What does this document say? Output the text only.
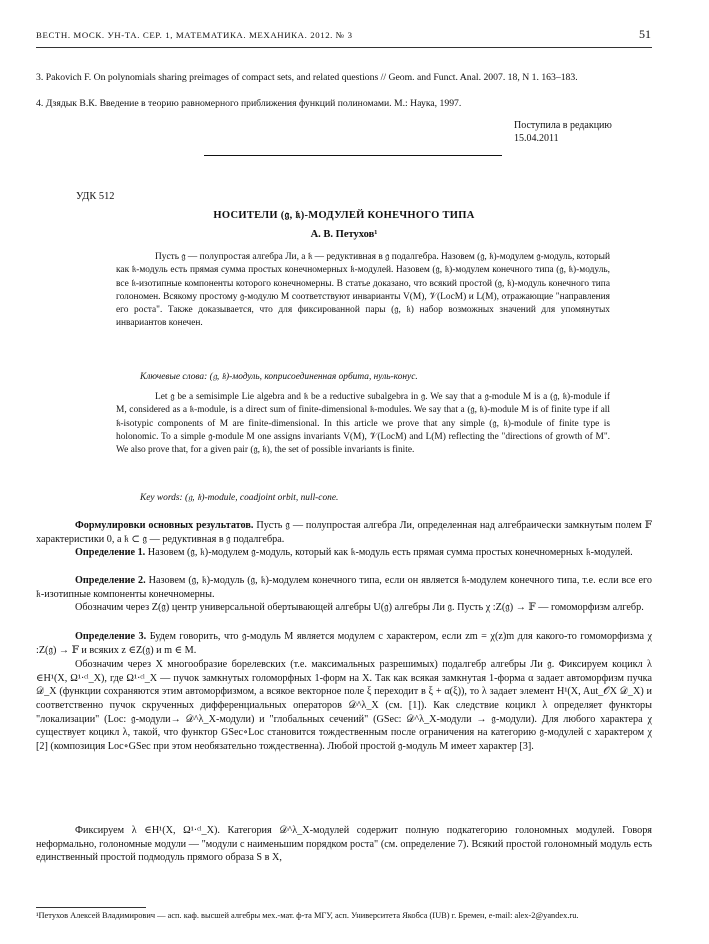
ВЕСТН. МОСК. УН-ТА. СЕР. 1, МАТЕМАТИКА. МЕХАНИКА. 2012. № 3	51
3. Pakovich F. On polynomials sharing preimages of compact sets, and related questions // Geom. and Funct. Anal. 2007. 18, N 1. 163–183.
4. Дзядык В.К. Введение в теорию равномерного приближения функций полиномами. М.: Наука, 1997.
Поступила в редакцию
15.04.2011
УДК 512
НОСИТЕЛИ (𝔤, 𝔨)-МОДУЛЕЙ КОНЕЧНОГО ТИПА
А. В. Петухов¹
Пусть 𝔤 — полупростая алгебра Ли, а 𝔨 — редуктивная в 𝔤 подалгебра. Назовем (𝔤, 𝔨)-модулем 𝔤-модуль, который как 𝔨-модуль есть прямая сумма простых конечномерных 𝔨-модулей. Назовем (𝔤, 𝔨)-модулем конечного типа (𝔤, 𝔨)-модуль, все 𝔨-изотипные компоненты которого конечномерны. В статье доказано, что всякий простой (𝔤, 𝔨)-модуль конечного типа голономен. Всякому простому 𝔤-модулю M соответствуют инварианты V(M), 𝒱(LocM) и L(M), отражающие "направления его роста". Также доказывается, что для фиксированной пары (𝔤, 𝔨) набор возможных значений для упомянутых инвариантов конечен.
Ключевые слова: (𝔤, 𝔨)-модуль, коприсоединенная орбита, нуль-конус.
Let 𝔤 be a semisimple Lie algebra and 𝔨 be a reductive subalgebra in 𝔤. We say that a 𝔤-module M is a (𝔤, 𝔨)-module if M, considered as a 𝔨-module, is a direct sum of finite-dimensional 𝔨-modules. We say that a (𝔤, 𝔨)-module M is of finite type if all 𝔨-isotypic components of M are finite-dimensional. In this article we prove that any simple (𝔤, 𝔨)-module of finite type is holonomic. To a simple 𝔤-module M one assigns invariants V(M), 𝒱(LocM) and L(M) reflecting the "directions of growth of M". We also prove that, for a given pair (𝔤, 𝔨), the set of possible invariants is finite.
Key words: (𝔤, 𝔨)-module, coadjoint orbit, null-cone.
Формулировки основных результатов. Пусть 𝔤 — полупростая алгебра Ли, определенная над алгебраически замкнутым полем 𝔽 характеристики 0, а 𝔨 ⊂ 𝔤 — редуктивная в 𝔤 подалгебра.
Определение 1. Назовем (𝔤, 𝔨)-модулем 𝔤-модуль, который как 𝔨-модуль есть прямая сумма простых конечномерных 𝔨-модулей.
Определение 2. Назовем (𝔤, 𝔨)-модуль (𝔤, 𝔨)-модулем конечного типа, если он является 𝔨-модулем конечного типа, т.е. если все его 𝔨-изотипные компоненты конечномерны.
Обозначим через Z(𝔤) центр универсальной обертывающей алгебры U(𝔤) алгебры Ли 𝔤. Пусть χ :Z(𝔤) → 𝔽 — гомоморфизм алгебр.
Определение 3. Будем говорить, что 𝔤-модуль M является модулем с характером, если zm = χ(z)m для какого-то гомоморфизма χ :Z(𝔤) → 𝔽 и всяких z ∈Z(𝔤) и m ∈ M.
Обозначим через X многообразие борелевских (т.е. максимальных разрешимых) подалгебр алгебры Ли 𝔤. Фиксируем коцикл λ ∈H¹(X, Ω¹·ᶜˡ_X), где Ω¹·ᶜˡ_X — пучок замкнутых голоморфных 1-форм на X. Так как всякая замкнутая 1-форма α задает автоморфизм пучка 𝒟_X (функции сохраняются этим автоморфизмом, а всякое векторное поле ξ переходит в ξ + α(ξ)), то λ задает элемент H¹(X, Aut_𝒪X 𝒟_X) и соответственно пучок скрученных дифференциальных операторов 𝒟^λ_X (см. [1]). Как следствие коцикл λ определяет функторы "локализации" (Loc: 𝔤-модули→ 𝒟^λ_X-модули) и "глобальных сечений" (GSec: 𝒟^λ_X-модули → 𝔤-модули). Для любого характера χ существует коцикл λ, такой, что функтор GSec∘Loc становится тождественным после ограничения на категорию 𝔤-модулей с характером χ [2] (композиция Loc∘GSec при этом необязательно тождественна). Любой простой 𝔤-модуль M имеет характер [3].
Фиксируем λ ∈H¹(X, Ω¹·ᶜˡ_X). Категория 𝒟^λ_X-модулей содержит полную подкатегорию голономных модулей. Говоря неформально, голономные модули — "модули с наименьшим порядком роста" (см. определение 7). Всякий простой голономный модуль есть единственный простой подмодуль прямого образа S в X,
¹Петухов Алексей Владимирович — асп. каф. высшей алгебры мех.-мат. ф-та МГУ, асп. Университета Якобса (IUB) г. Бремен, e-mail: alex-2@yandex.ru.
